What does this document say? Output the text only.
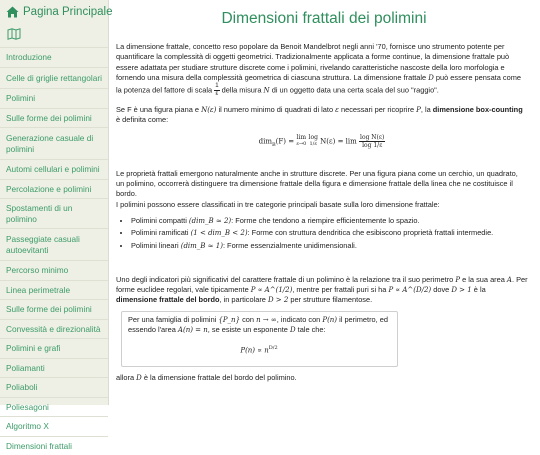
Pagina Principale
Introduzione
Celle di griglie rettangolari
Polimini
Sulle forme dei polimini
Generazione casuale di polimini
Automi cellulari e polimini
Percolazione e polimini
Spostamenti di un polimino
Passeggiate casuali autoevitanti
Percorso minimo
Linea perimetrale
Sulle forme dei polimini
Convessità e direzionalità
Polimini e grafi
Poliamanti
Poliaboli
Poliesagoni
Algoritmo X
Dimensioni frattali
Dimensioni frattali dei polimini

La dimensione frattale, concetto reso popolare da Benoit Mandelbrot negli anni '70, fornisce uno strumento potente per quantificare la complessità di oggetti geometrici. Tradizionalmente applicata a forme continue, la dimensione frattale può essere adattata per studiare strutture discrete come i polimini, rivelando caratteristiche nascoste della loro morfologia e fornendo una misura della complessità geometrica di ciascuna struttura. La dimensione frattale D può essere pensata come la potenza del fattore di scala $\frac{1}{\varepsilon}$ della misura N di un oggetto data una certa scala del suo "raggio".

Se F è una figura piana e N(ε) il numero minimo di quadrati di lato ε necessari per ricoprire P, la dimensione box-counting è definita come:

dim$_B$(F) = lim
ε→0

log
1/ε $N(\varepsilon) = \lim \frac{\text{log N(ε)}}{\log 1/\varepsilon}$

Le proprietà frattali emergono naturalmente anche in strutture discrete. Per una figura piana come un cerchio, un quadrato, un polimino, occorrerà distinguere tra dimensione frattale della figura e dimensione frattale della linea che ne costituisce il bordo.

I polimini possono essere classificati in tre categorie principali basate sulla loro dimensione frattale:

• Polimini compatti (dim_B ≈ 2): Forme che tendono a riempire efficientemente lo spazio.
• Polimini ramificati (1 < dim_B < 2): Forme con struttura dendritica che esibiscono proprietà frattali intermedie.
• Polimini lineari (dim_B ≈ 1): Forme essenzialmente unidimensionali.

Uno degli indicatori più significativi del carattere frattale di un polimino è la relazione tra il suo perimetro P e la sua area A. Per forme euclidee regolari, vale tipicamente P ∝ A^(1/2), mentre per frattali puri si ha P ∝ A^(D/2) dove D > 1 è la dimensione frattale del bordo, in particolare D > 2 per strutture filamentose.

Per una famiglia di polimini {P_n} con n → ∞, indicato con P(n) il perimetro, ed essendo l'area A(n) = n, se esiste un esponente D tale che:

$P(n) \propto n^{D/2}$

allora D è la dimensione frattale del bordo del polimino.
